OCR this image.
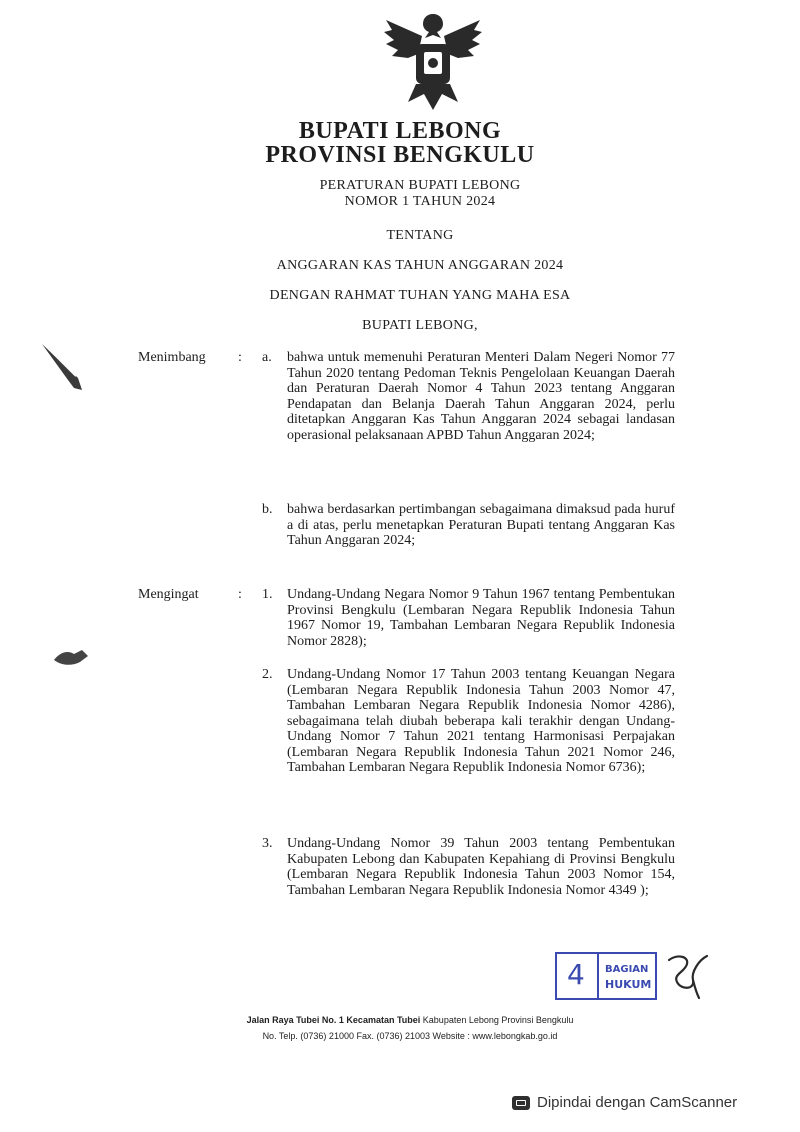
BUPATI LEBONG
PROVINSI BENGKULU
PERATURAN BUPATI LEBONG
NOMOR 1 TAHUN 2024
TENTANG
ANGGARAN KAS TAHUN ANGGARAN 2024
DENGAN RAHMAT TUHAN YANG MAHA ESA
BUPATI LEBONG,
Menimbang : a. bahwa untuk memenuhi Peraturan Menteri Dalam Negeri Nomor 77 Tahun 2020 tentang Pedoman Teknis Pengelolaan Keuangan Daerah dan Peraturan Daerah Nomor 4 Tahun 2023 tentang Anggaran Pendapatan dan Belanja Daerah Tahun Anggaran 2024, perlu ditetapkan Anggaran Kas Tahun Anggaran 2024 sebagai landasan operasional pelaksanaan APBD Tahun Anggaran 2024;

b. bahwa berdasarkan pertimbangan sebagaimana dimaksud pada huruf a di atas, perlu menetapkan Peraturan Bupati tentang Anggaran Kas Tahun Anggaran 2024;

Mengingat	: 1. Undang-Undang Negara Nomor 9 Tahun 1967 tentang Pembentukan Provinsi Bengkulu (Lembaran Negara Republik Indonesia Tahun 1967 Nomor 19, Tambahan Lembaran Negara Republik Indonesia Nomor 2828);

2. Undang-Undang Nomor 17 Tahun 2003 tentang Keuangan Negara (Lembaran Negara Republik Indonesia Tahun 2003 Nomor 47, Tambahan Lembaran Negara Republik Indonesia Nomor 4286), sebagaimana telah diubah beberapa kali terakhir dengan Undang-Undang Nomor 7 Tahun 2021 tentang Harmonisasi Perpajakan (Lembaran Negara Republik Indonesia Tahun 2021 Nomor 246, Tambahan Lembaran Negara Republik Indonesia Nomor 6736);

3. Undang-Undang Nomor 39 Tahun 2003 tentang Pembentukan Kabupaten Lebong dan Kabupaten Kepahiang di Provinsi Bengkulu (Lembaran Negara Republik Indonesia Tahun 2003 Nomor 154, Tambahan Lembaran Negara Republik Indonesia Nomor 4349 );

4 BAGIAN
HUKUM
Jalan Raya Tubei No. 1 Kecamatan Tubei Kabupaten Lebong Provinsi Bengkulu
No. Telp. (0736) 21000 Fax. (0736) 21003 Website : www.lebongkab.go.id
Dipindai dengan CamScanner
